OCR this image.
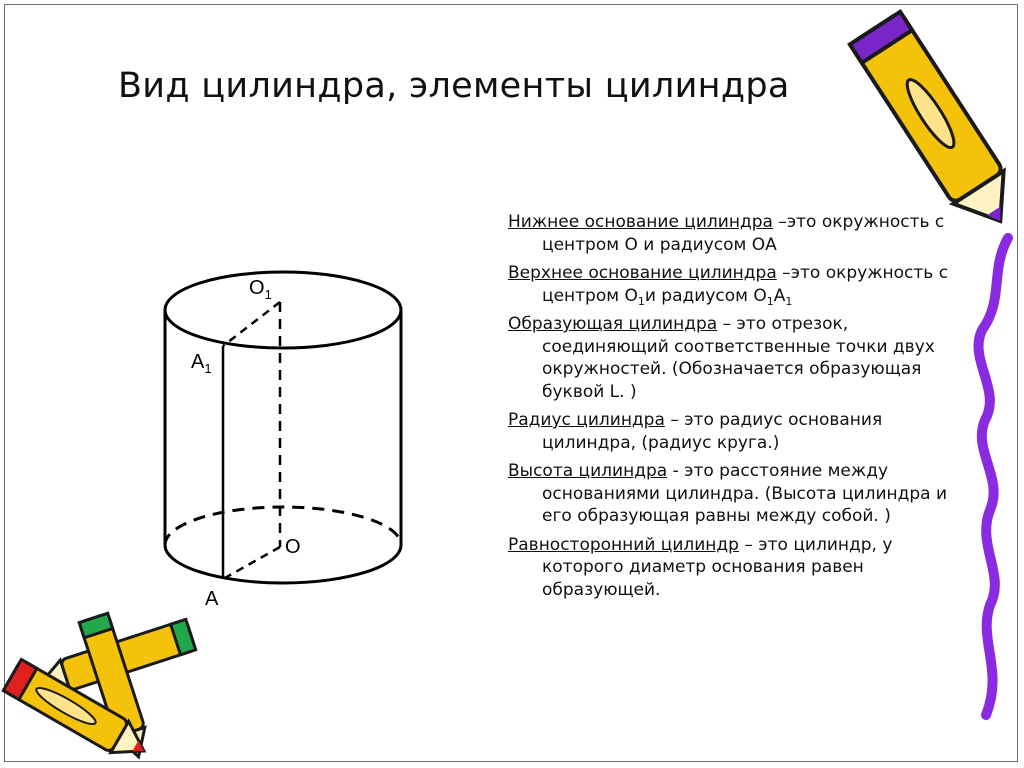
Вид цилиндра, элементы цилиндра
$O_1$
$A_1$
O
A

Нижнее основание цилиндра –это окружность с центром О и радиусом ОА

Верхнее основание цилиндра –это окружность с центром $О_1и$ радиусом $О_1А_1$

Образующая цилиндра – это отрезок, соединяющий соответственные точки двух окружностей. (Обозначается образующая буквой L. )

Радиус цилиндра – это радиус основания цилиндра, (радиус круга.)

Высота цилиндра - это расстояние между основаниями цилиндра. (Высота цилиндра и его образующая равны между собой. )

Равносторонний цилиндр – это цилиндр, у которого диаметр основания равен образующей.
